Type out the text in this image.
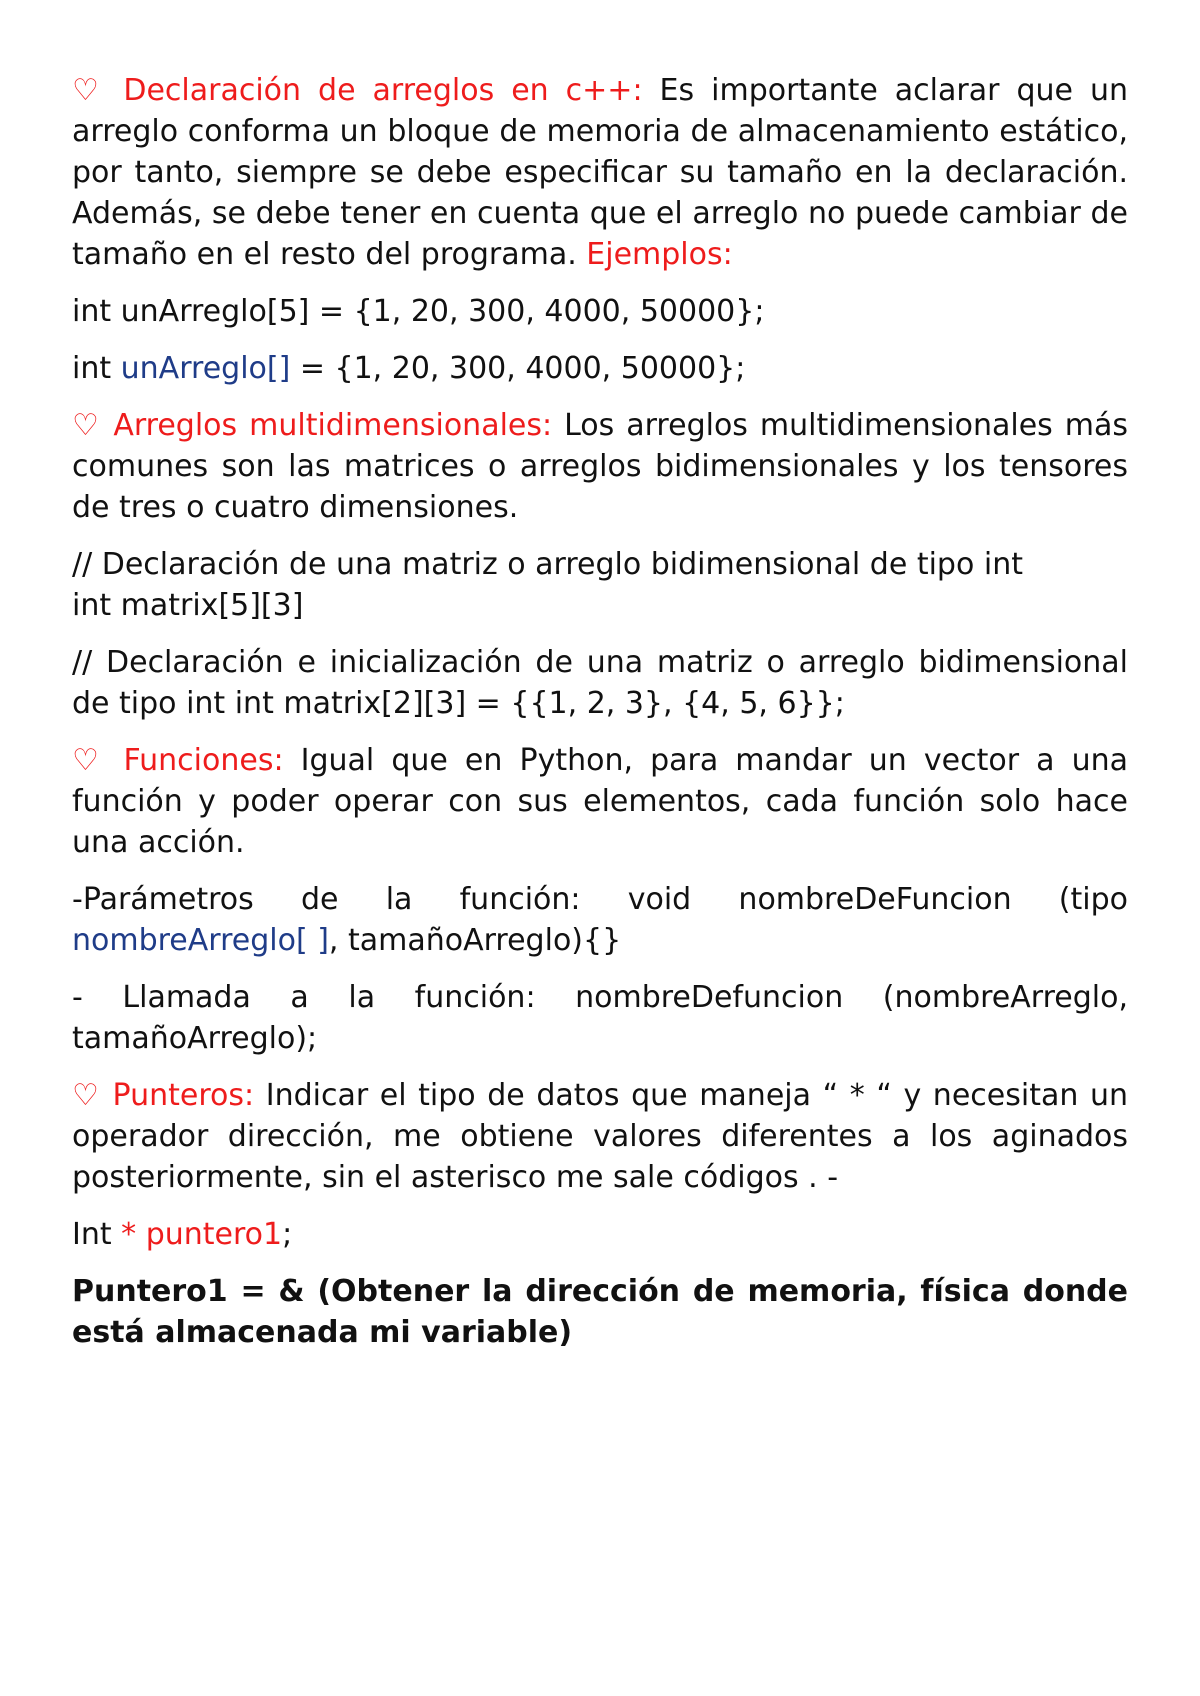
♡ Declaración de arreglos en c++: Es importante aclarar que un arreglo conforma un bloque de memoria de almacenamiento estático, por tanto, siempre se debe especificar su tamaño en la declaración. Además, se debe tener en cuenta que el arreglo no puede cambiar de tamaño en el resto del programa. Ejemplos:

int unArreglo[5] = {1, 20, 300, 4000, 50000};

int unArreglo[] = {1, 20, 300, 4000, 50000};

♡ Arreglos multidimensionales: Los arreglos multidimensionales más comunes son las matrices o arreglos bidimensionales y los tensores de tres o cuatro dimensiones.

// Declaración de una matriz o arreglo bidimensional de tipo int
int matrix[5][3]

// Declaración e inicialización de una matriz o arreglo bidimensional de tipo int int matrix[2][3] = {{1, 2, 3}, {4, 5, 6}};

♡ Funciones: Igual que en Python, para mandar un vector a una función y poder operar con sus elementos, cada función solo hace una acción.

-Parámetros de la función: void nombreDeFuncion (tipo nombreArreglo[ ], tamañoArreglo){}

- Llamada a la función: nombreDefuncion (nombreArreglo, tamañoArreglo);

♡ Punteros: Indicar el tipo de datos que maneja “ * “ y necesitan un operador dirección, me obtiene valores diferentes a los aginados posteriormente, sin el asterisco me sale códigos . -

Int * puntero1;

Puntero1 = & (Obtener la dirección de memoria, física donde está almacenada mi variable)
